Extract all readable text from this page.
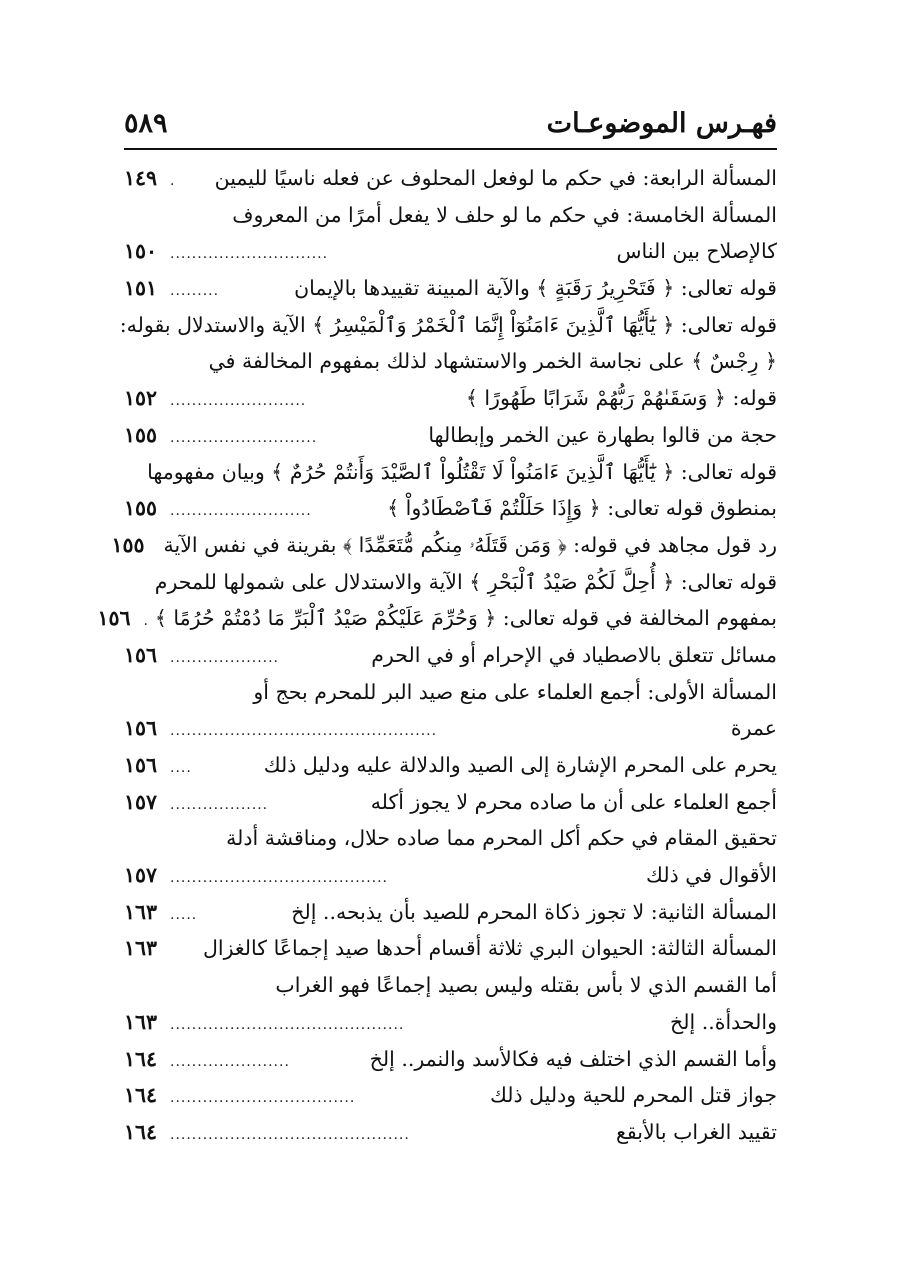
فهـرس الموضوعـات
٥٨٩
المسألة الرابعة: في حكم ما لوفعل المحلوف عن فعله ناسيًا لليمين
.
١٤٩
المسألة الخامسة: في حكم ما لو حلف لا يفعل أمرًا من المعروف
كالإصلاح بين الناس
.............................
١٥٠
قوله تعالى: ﴿ فَتَحْرِيرُ رَقَبَةٍ ﴾ والآية المبينة تقييدها بالإيمان
.........
١٥١
قوله تعالى: ﴿ يَٰٓأَيُّهَا ٱلَّذِينَ ءَامَنُوٓاْ إِنَّمَا ٱلْخَمْرُ وَٱلْمَيْسِرُ ﴾ الآية والاستدلال بقوله:
﴿ رِجْسٌ ﴾ على نجاسة الخمر والاستشهاد لذلك بمفهوم المخالفة في
قوله: ﴿ وَسَقَىٰهُمْ رَبُّهُمْ شَرَابًا طَهُورًا ﴾
.........................
١٥٢
حجة من قالوا بطهارة عين الخمر وإبطالها
...........................
١٥٥
قوله تعالى: ﴿ يَٰٓأَيُّهَا ٱلَّذِينَ ءَامَنُواْ لَا تَقْتُلُواْ ٱلصَّيْدَ وَأَنتُمْ حُرُمٌ ﴾ وبيان مفهومها
بمنطوق قوله تعالى: ﴿ وَإِذَا حَلَلْتُمْ فَٱصْطَادُواْ ﴾
..........................
١٥٥
رد قول مجاهد في قوله: ﴿ وَمَن قَتَلَهُۥ مِنكُم مُّتَعَمِّدًا ﴾ بقرينة في نفس الآية
١٥٥
قوله تعالى: ﴿ أُحِلَّ لَكُمْ صَيْدُ ٱلْبَحْرِ ﴾ الآية والاستدلال على شمولها للمحرم
بمفهوم المخالفة في قوله تعالى: ﴿ وَحُرِّمَ عَلَيْكُمْ صَيْدُ ٱلْبَرِّ مَا دُمْتُمْ حُرُمًا ﴾
.
١٥٦
مسائل تتعلق بالاصطياد في الإحرام أو في الحرم
....................
١٥٦
المسألة الأولى: أجمع العلماء على منع صيد البر للمحرم بحج أو
عمرة
.................................................
١٥٦
يحرم على المحرم الإشارة إلى الصيد والدلالة عليه ودليل ذلك
....
١٥٦
أجمع العلماء على أن ما صاده محرم لا يجوز أكله
..................
١٥٧
تحقيق المقام في حكم أكل المحرم مما صاده حلال، ومناقشة أدلة
الأقوال في ذلك
........................................
١٥٧
المسألة الثانية: لا تجوز ذكاة المحرم للصيد بأن يذبحه.. إلخ
.....
١٦٣
المسألة الثالثة: الحيوان البري ثلاثة أقسام أحدها صيد إجماعًا كالغزال
١٦٣
أما القسم الذي لا بأس بقتله وليس بصيد إجماعًا فهو الغراب
والحدأة.. إلخ
...........................................
١٦٣
وأما القسم الذي اختلف فيه فكالأسد والنمر.. إلخ
......................
١٦٤
جواز قتل المحرم للحية ودليل ذلك
..................................
١٦٤
تقييد الغراب بالأبقع
............................................
١٦٤
